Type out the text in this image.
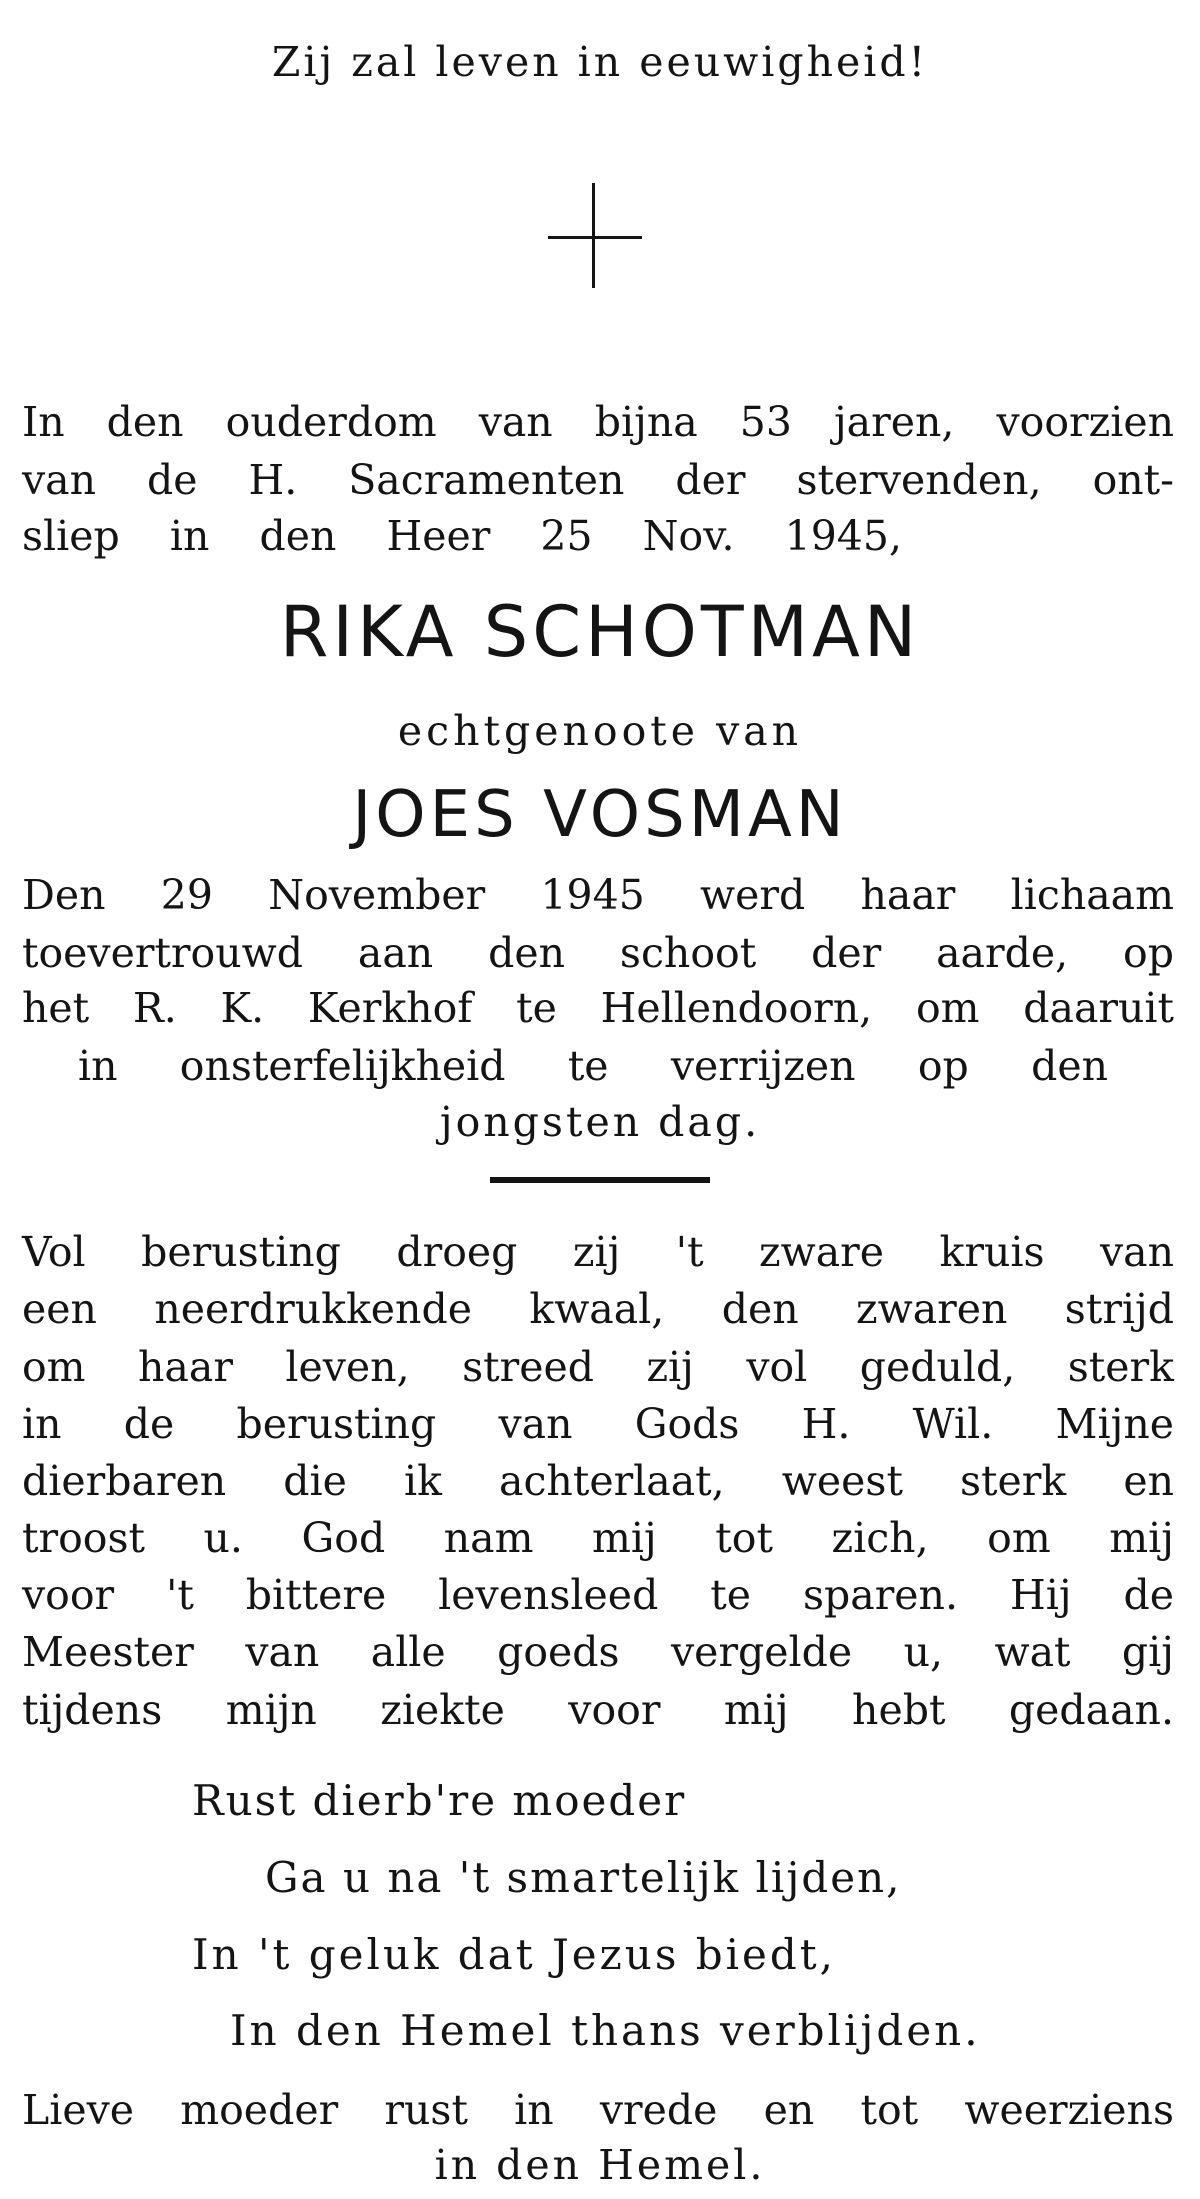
Zij zal leven in eeuwigheid!
In den ouderdom van bijna 53 jaren, voorzien
van de H. Sacramenten der stervenden, ont-
sliep in den Heer 25 Nov. 1945,
RIKA SCHOTMAN
echtgenoote van
JOES VOSMAN
Den 29 November 1945 werd haar lichaam
toevertrouwd aan den schoot der aarde, op
het R. K. Kerkhof te Hellendoorn, om daaruit
in onsterfelijkheid te verrijzen op den
jongsten dag.
Vol berusting droeg zij 't zware kruis van
een neerdrukkende kwaal, den zwaren strijd
om haar leven, streed zij vol geduld, sterk
in de berusting van Gods H. Wil. Mijne
dierbaren die ik achterlaat, weest sterk en
troost u. God nam mij tot zich, om mij
voor 't bittere levensleed te sparen. Hij de
Meester van alle goeds vergelde u, wat gij
tijdens mijn ziekte voor mij hebt gedaan.
Rust dierb're moeder
Ga u na 't smartelijk lijden,
In 't geluk dat Jezus biedt,
In den Hemel thans verblijden.
Lieve moeder rust in vrede en tot weerziens
in den Hemel.
